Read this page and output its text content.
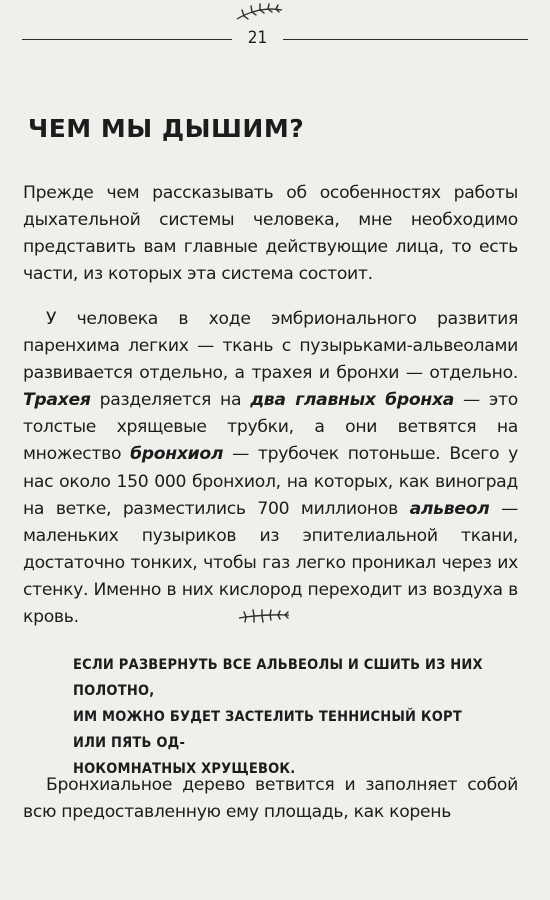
21
ЧЕМ МЫ ДЫШИМ?

Прежде чем рассказывать об особенностях работы дыхательной системы человека, мне необходимо представить вам главные действующие лица, то есть части, из которых эта система состоит.

У человека в ходе эмбрионального развития паренхима легких — ткань с пузырьками-альвеолами развивается отдельно, а трахея и бронхи — отдельно. Трахея разделяется на два главных бронха — это толстые хрящевые трубки, а они ветвятся на множество бронхиол — трубочек потоньше. Всего у нас около 150 000 бронхиол, на которых, как виноград на ветке, разместились 700 миллионов альвеол — маленьких пузыриков из эпителиальной ткани, достаточно тонких, чтобы газ легко проникал через их стенку. Именно в них кислород переходит из воздуха в кровь.

ЕСЛИ РАЗВЕРНУТЬ ВСЕ АЛЬВЕОЛЫ И СШИТЬ ИЗ НИХ ПОЛОТНО,
ИМ МОЖНО БУДЕТ ЗАСТЕЛИТЬ ТЕННИСНЫЙ КОРТ ИЛИ ПЯТЬ ОД-
НОКОМНАТНЫХ ХРУЩЕВОК.

Бронхиальное дерево ветвится и заполняет собой всю предоставленную ему площадь, как корень
